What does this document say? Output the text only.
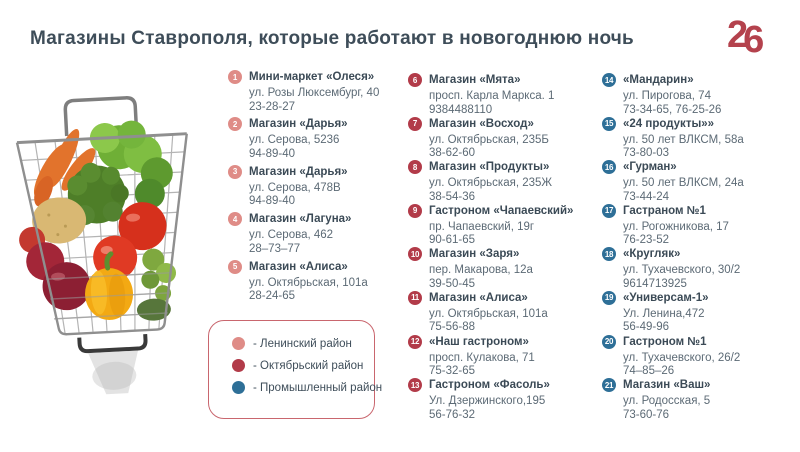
Магазины Ставрополя, которые работают в новогоднюю ночь 26
- Ленинский район
- Октябрьский район
- Промышленный район
1	Мини-маркет «Олеся»
ул. Розы Люксембург, 40
23-28-27
2	Магазин «Дарья»
ул. Серова, 5236
94-89-40
3	Магазин «Дарья»
ул. Серова, 478В
94-89-40
4	Магазин «Лагуна»
ул. Серова, 462
28–73–77
5	Магазин «Алиса»
ул. Октябрьская, 101а
28-24-65
6	Магазин «Мята»
просп. Карла Маркса. 1
9384488110
7	Магазин «Восход»
ул. Октябрьская, 235Б
38-62-60
8	Магазин «Продукты»
ул. Октябрьская, 235Ж
38-54-36
9	Гастроном «Чапаевский»
пр. Чапаевский, 19г
90-61-65
10 Магазин «Заря»
пер. Макарова, 12а
39-50-45
11 Магазин «Алиса»
ул. Октябрьская, 101а
75-56-88
12 «Наш гастроном»
просп. Кулакова, 71
75-32-65
13 Гастроном «Фасоль»
Ул. Дзержинского,195
56-76-32
14 «Мандарин»
ул. Пирогова, 74
73-34-65, 76-25-26
15 «24 продукты»»
ул. 50 лет ВЛКСМ, 58а
73-80-03
16 «Гурман»
ул. 50 лет ВЛКСМ, 24а
73-44-24
17 Гастраном №1
ул. Рогожникова, 17
76-23-52
18 «Кругляк»
ул. Тухачевского, 30/2
9614713925
19 «Универсам-1»
Ул. Ленина,472
56-49-96
20 Гастроном №1
ул. Тухачевского, 26/2
74–85–26
21 Магазин «Ваш»
ул. Родосская, 5
73-60-76
